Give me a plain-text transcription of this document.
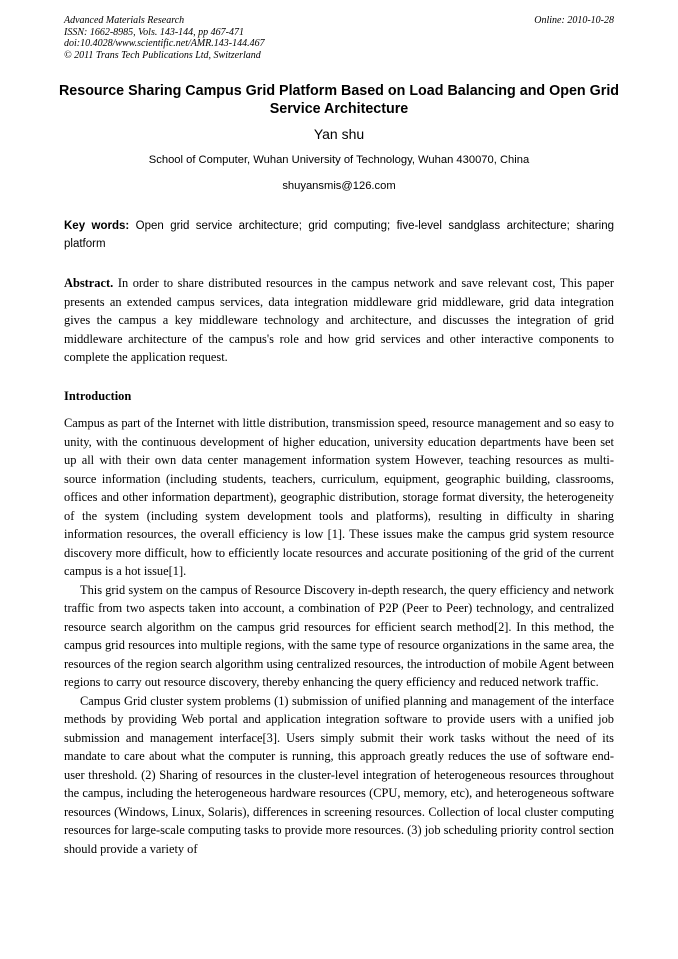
Advanced Materials Research
ISSN: 1662-8985, Vols. 143-144, pp 467-471
doi:10.4028/www.scientific.net/AMR.143-144.467
© 2011 Trans Tech Publications Ltd, Switzerland
Online: 2010-10-28
Resource Sharing Campus Grid Platform Based on Load Balancing and Open Grid Service Architecture
Yan shu
School of Computer, Wuhan University of Technology, Wuhan 430070, China
shuyansmis@126.com
Key words: Open grid service architecture; grid computing; five-level sandglass architecture; sharing platform
Abstract. In order to share distributed resources in the campus network and save relevant cost, This paper presents an extended campus services, data integration middleware grid middleware, grid data integration gives the campus a key middleware technology and architecture, and discusses the integration of grid middleware architecture of the campus's role and how grid services and other interactive components to complete the application request.
Introduction

Campus as part of the Internet with little distribution, transmission speed, resource management and so easy to unity, with the continuous development of higher education, university education departments have been set up all with their own data center management information system However, teaching resources as multi-source information (including students, teachers, curriculum, equipment, geographic building, classrooms, offices and other information department), geographic distribution, storage format diversity, the heterogeneity of the system (including system development tools and platforms), resulting in difficulty in sharing information resources, the overall efficiency is low [1]. These issues make the campus grid system resource discovery more difficult, how to efficiently locate resources and accurate positioning of the grid of the current campus is a hot issue[1].

This grid system on the campus of Resource Discovery in-depth research, the query efficiency and network traffic from two aspects taken into account, a combination of P2P (Peer to Peer) technology, and centralized resource search algorithm on the campus grid resources for efficient search method[2]. In this method, the campus grid resources into multiple regions, with the same type of resource organizations in the same area, the resources of the region search algorithm using centralized resources, the introduction of mobile Agent between regions to carry out resource discovery, thereby enhancing the query efficiency and reduced network traffic.

Campus Grid cluster system problems (1) submission of unified planning and management of the interface methods by providing Web portal and application integration software to provide users with a unified job submission and management interface[3]. Users simply submit their work tasks without the need of its mandate to care about what the computer is running, this approach greatly reduces the use of software end-user threshold. (2) Sharing of resources in the cluster-level integration of heterogeneous resources throughout the campus, including the heterogeneous hardware resources (CPU, memory, etc), and heterogeneous software resources (Windows, Linux, Solaris), differences in screening resources. Collection of local cluster computing resources for large-scale computing tasks to provide more resources. (3) job scheduling priority control section should provide a variety of
